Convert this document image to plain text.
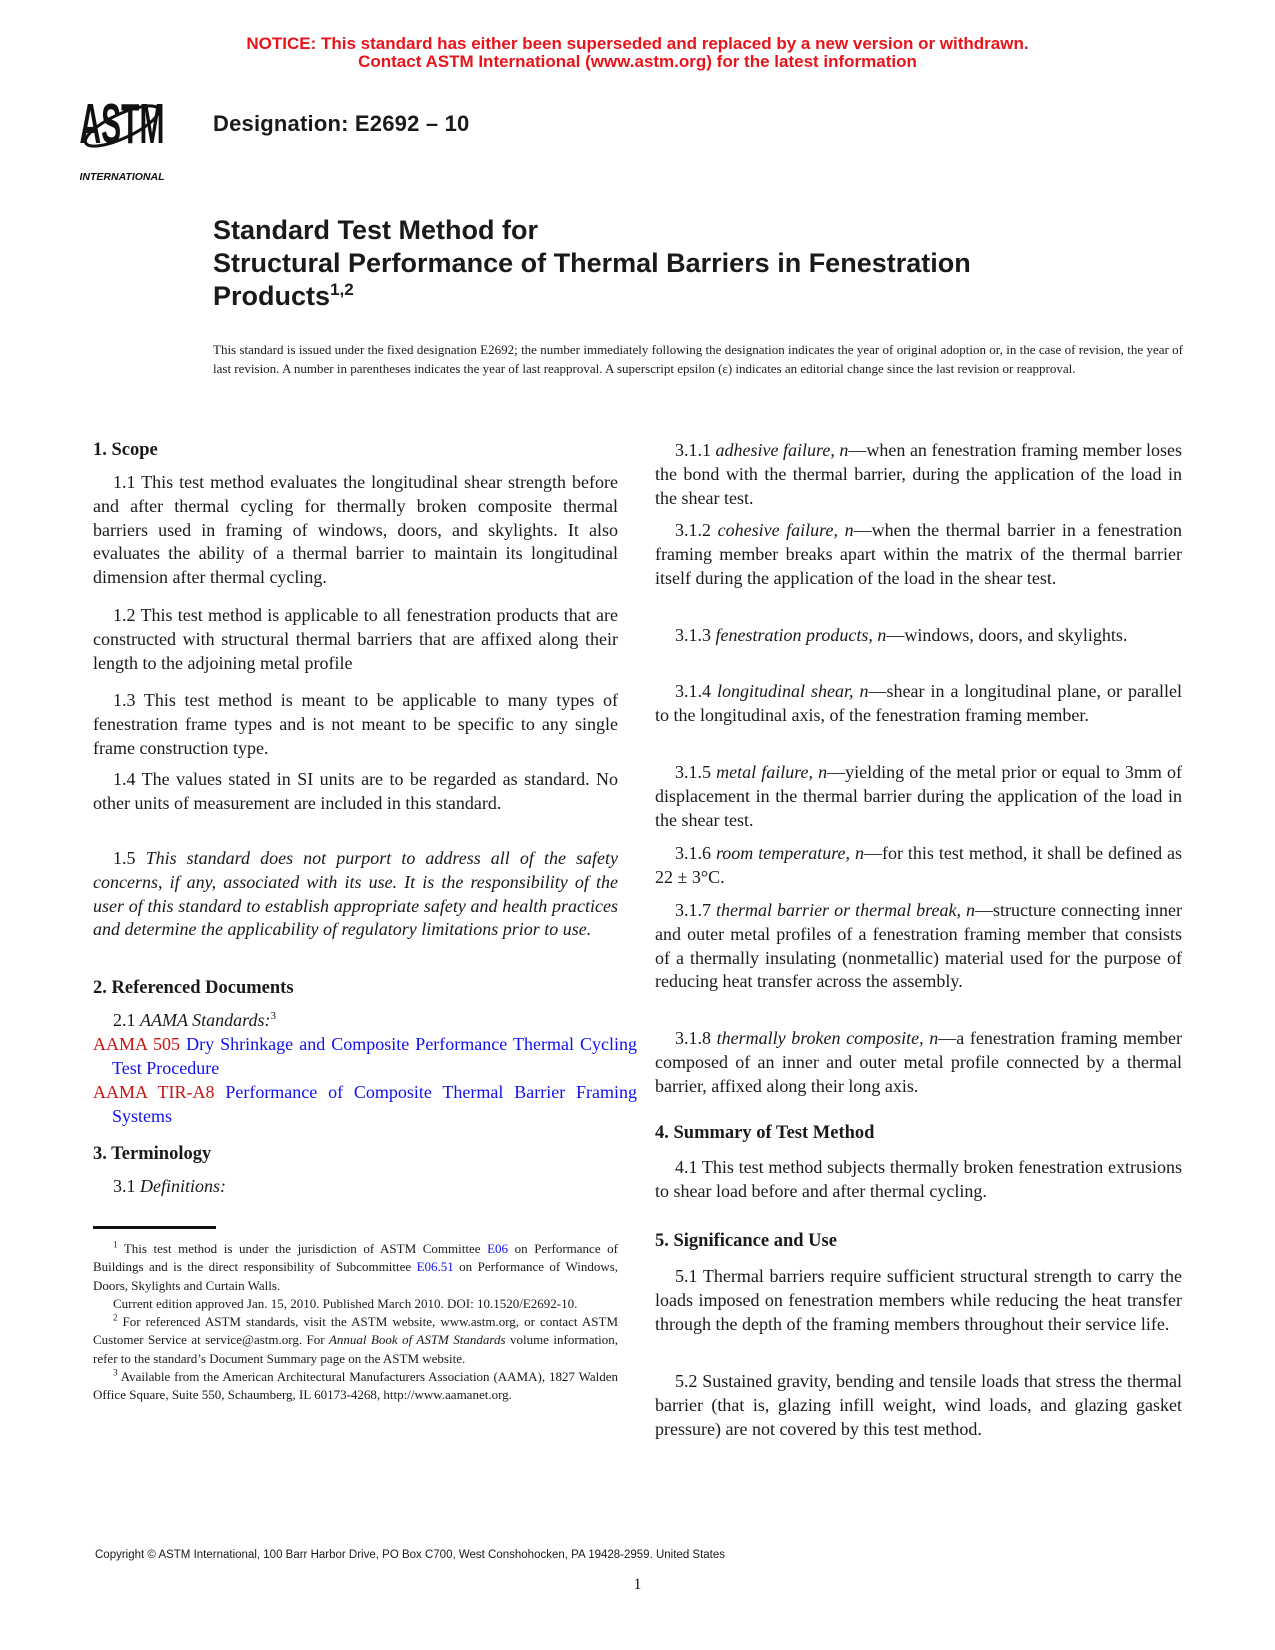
NOTICE: This standard has either been superseded and replaced by a new version or withdrawn.
Contact ASTM International (www.astm.org) for the latest information
ASTM
INTERNATIONAL
Designation: E2692 – 10
Standard Test Method for
Structural Performance of Thermal Barriers in Fenestration
Products$^{1,2}$
This standard is issued under the fixed designation E2692; the number immediately following the designation indicates the year of original adoption or, in the case of revision, the year of last revision. A number in parentheses indicates the year of last reapproval. A superscript epsilon (ε) indicates an editorial change since the last revision or reapproval.
1. Scope
1.1 This test method evaluates the longitudinal shear strength before and after thermal cycling for thermally broken composite thermal barriers used in framing of windows, doors, and skylights. It also evaluates the ability of a thermal barrier to maintain its longitudinal dimension after thermal cycling.
1.2 This test method is applicable to all fenestration products that are constructed with structural thermal barriers that are affixed along their length to the adjoining metal profile
1.3 This test method is meant to be applicable to many types of fenestration frame types and is not meant to be specific to any single frame construction type.
1.4 The values stated in SI units are to be regarded as standard. No other units of measurement are included in this standard.
1.5 This standard does not purport to address all of the safety concerns, if any, associated with its use. It is the responsibility of the user of this standard to establish appropriate safety and health practices and determine the applicability of regulatory limitations prior to use.
2. Referenced Documents
2.1 AAMA Standards:$^3$
AAMA 505 Dry Shrinkage and Composite Performance Thermal Cycling Test Procedure
AAMA TIR-A8 Performance of Composite Thermal Barrier Framing Systems
3. Terminology
3.1 Definitions:
$^1$ This test method is under the jurisdiction of ASTM Committee E06 on Performance of Buildings and is the direct responsibility of Subcommittee E06.51 on Performance of Windows, Doors, Skylights and Curtain Walls.
Current edition approved Jan. 15, 2010. Published March 2010. DOI: 10.1520/E2692-10.
$^2$ For referenced ASTM standards, visit the ASTM website, www.astm.org, or contact ASTM Customer Service at service@astm.org. For Annual Book of ASTM Standards volume information, refer to the standard’s Document Summary page on the ASTM website.
$^3$ Available from the American Architectural Manufacturers Association (AAMA), 1827 Walden Office Square, Suite 550, Schaumberg, IL 60173-4268, http://www.aamanet.org.
3.1.1 adhesive failure, n—when an fenestration framing member loses the bond with the thermal barrier, during the application of the load in the shear test.
3.1.2 cohesive failure, n—when the thermal barrier in a fenestration framing member breaks apart within the matrix of the thermal barrier itself during the application of the load in the shear test.
3.1.3 fenestration products, n—windows, doors, and skylights.
3.1.4 longitudinal shear, n—shear in a longitudinal plane, or parallel to the longitudinal axis, of the fenestration framing member.
3.1.5 metal failure, n—yielding of the metal prior or equal to 3mm of displacement in the thermal barrier during the application of the load in the shear test.
3.1.6 room temperature, n—for this test method, it shall be defined as 22 ± 3°C.
3.1.7 thermal barrier or thermal break, n—structure connecting inner and outer metal profiles of a fenestration framing member that consists of a thermally insulating (nonmetallic) material used for the purpose of reducing heat transfer across the assembly.
3.1.8 thermally broken composite, n—a fenestration framing member composed of an inner and outer metal profile connected by a thermal barrier, affixed along their long axis.
4. Summary of Test Method
4.1 This test method subjects thermally broken fenestration extrusions to shear load before and after thermal cycling.
5. Significance and Use
5.1 Thermal barriers require sufficient structural strength to carry the loads imposed on fenestration members while reducing the heat transfer through the depth of the framing members throughout their service life.
5.2 Sustained gravity, bending and tensile loads that stress the thermal barrier (that is, glazing infill weight, wind loads, and glazing gasket pressure) are not covered by this test method.
Copyright © ASTM International, 100 Barr Harbor Drive, PO Box C700, West Conshohocken, PA 19428-2959. United States
1
